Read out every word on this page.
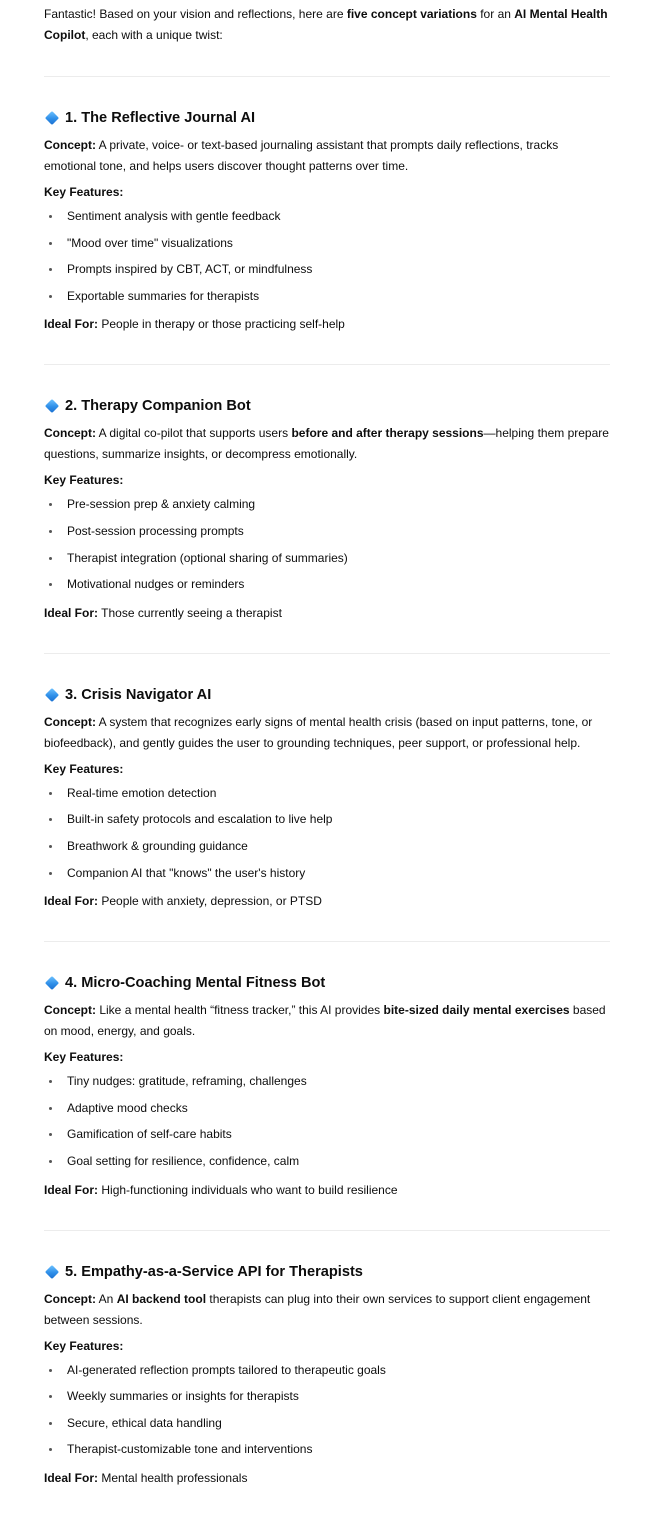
Fantastic! Based on your vision and reflections, here are five concept variations for an AI Mental Health Copilot, each with a unique twist:

1. The Reflective Journal AI

Concept: A private, voice- or text-based journaling assistant that prompts daily reflections, tracks emotional tone, and helps users discover thought patterns over time.

Key Features:

Sentiment analysis with gentle feedback
"Mood over time" visualizations
Prompts inspired by CBT, ACT, or mindfulness
Exportable summaries for therapists

Ideal For: People in therapy or those practicing self-help

2. Therapy Companion Bot

Concept: A digital co-pilot that supports users before and after therapy sessions—helping them prepare questions, summarize insights, or decompress emotionally.

Key Features:

Pre-session prep & anxiety calming
Post-session processing prompts
Therapist integration (optional sharing of summaries)
Motivational nudges or reminders

Ideal For: Those currently seeing a therapist

3. Crisis Navigator AI

Concept: A system that recognizes early signs of mental health crisis (based on input patterns, tone, or biofeedback), and gently guides the user to grounding techniques, peer support, or professional help.

Key Features:

Real-time emotion detection
Built-in safety protocols and escalation to live help
Breathwork & grounding guidance
Companion AI that "knows" the user's history

Ideal For: People with anxiety, depression, or PTSD

4. Micro-Coaching Mental Fitness Bot

Concept: Like a mental health “fitness tracker,” this AI provides bite-sized daily mental exercises based on mood, energy, and goals.

Key Features:

Tiny nudges: gratitude, reframing, challenges
Adaptive mood checks
Gamification of self-care habits
Goal setting for resilience, confidence, calm

Ideal For: High-functioning individuals who want to build resilience

5. Empathy-as-a-Service API for Therapists

Concept: An AI backend tool therapists can plug into their own services to support client engagement between sessions.

Key Features:

AI-generated reflection prompts tailored to therapeutic goals
Weekly summaries or insights for therapists
Secure, ethical data handling
Therapist-customizable tone and interventions

Ideal For: Mental health professionals
